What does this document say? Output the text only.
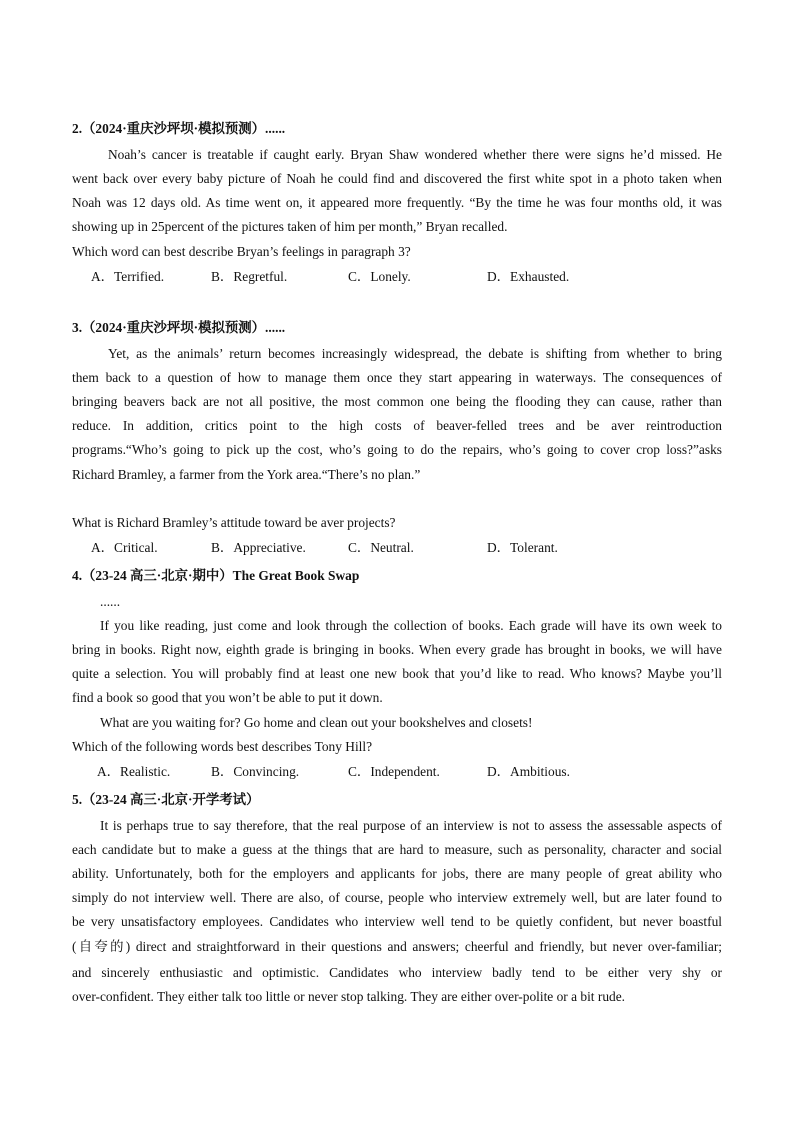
2.（2024·重庆沙坪坝·模拟预测）......
Noah’s cancer is treatable if caught early. Bryan Shaw wondered whether there were signs he’d missed. He
went back over every baby picture of Noah he could find and discovered the first white spot in a photo taken when
Noah was 12 days old. As time went on, it appeared more frequently. “By the time he was four months old, it was
showing up in 25percent of the pictures taken of him per month,” Bryan recalled.
Which word can best describe Bryan’s feelings in paragraph 3?
A．Terrified.	B．Regretful.	C．Lonely.	D．Exhausted.
3.（2024·重庆沙坪坝·模拟预测）......
Yet, as the animals’ return becomes increasingly widespread, the debate is shifting from whether to bring
them back to a question of how to manage them once they start appearing in waterways. The consequences of
bringing beavers back are not all positive, the most common one being the flooding they can cause, rather than
reduce. In addition, critics point to the high costs of beaver-felled trees and be aver reintroduction
programs.“Who’s going to pick up the cost, who’s going to do the repairs, who’s going to cover crop loss?”asks
Richard Bramley, a farmer from the York area.“There’s no plan.”
What is Richard Bramley’s attitude toward be aver projects?
A．Critical.	B．Appreciative.	C．Neutral.	D．Tolerant.
4.（23-24 高三·北京·期中）The Great Book Swap
......
If you like reading, just come and look through the collection of books. Each grade will have its own week to
bring in books. Right now, eighth grade is bringing in books. When every grade has brought in books, we will have
quite a selection. You will probably find at least one new book that you’d like to read. Who knows? Maybe you’ll
find a book so good that you won’t be able to put it down.
What are you waiting for? Go home and clean out your bookshelves and closets!
Which of the following words best describes Tony Hill?
A．Realistic.	B．Convincing.	C．Independent.	D．Ambitious.
5.（23-24 高三·北京·开学考试）
It is perhaps true to say therefore, that the real purpose of an interview is not to assess the assessable aspects of
each candidate but to make a guess at the things that are hard to measure, such as personality, character and social
ability. Unfortunately, both for the employers and applicants for jobs, there are many people of great ability who
simply do not interview well. There are also, of course, people who interview extremely well, but are later found to
be very unsatisfactory employees. Candidates who interview well tend to be quietly confident, but never boastful
(自夸的) direct and straightforward in their questions and answers; cheerful and friendly, but never over-familiar;
and sincerely enthusiastic and optimistic. Candidates who interview badly tend to be either very shy or
over-confident. They either talk too little or never stop talking. They are either over-polite or a bit rude.
